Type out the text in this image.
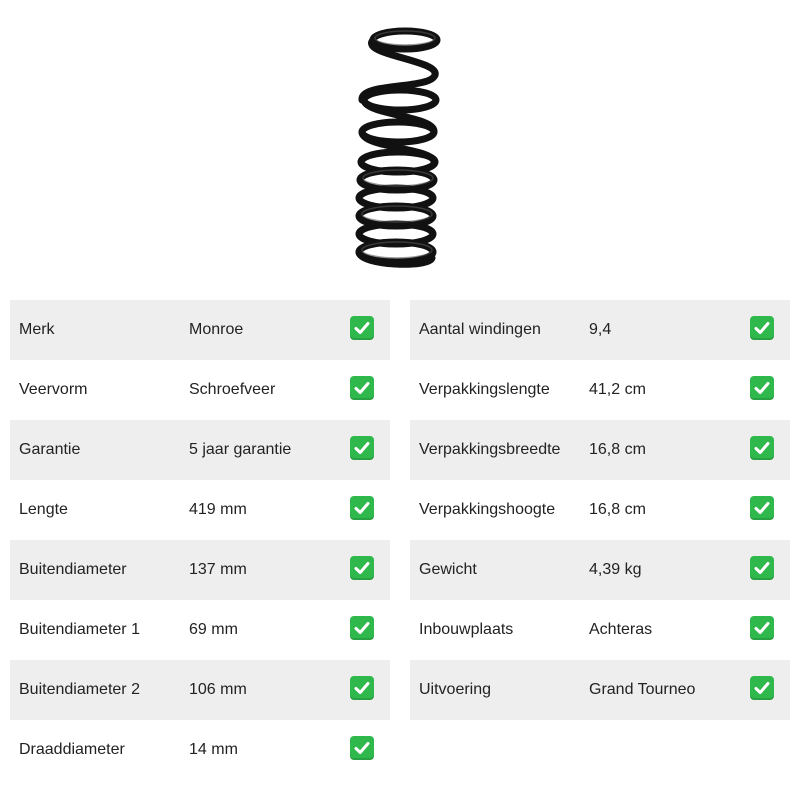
Merk	Monroe
Veervorm	Schroefveer
Garantie	5 jaar garantie
Lengte	419 mm
Buitendiameter	137 mm
Buitendiameter 1	69 mm
Buitendiameter 2	106 mm
Draaddiameter	14 mm
Aantal windingen	9,4
Verpakkingslengte 41,2 cm
Verpakkingsbreedte 16,8 cm
Verpakkingshoogte 16,8 cm
Gewicht	4,39 kg
Inbouwplaats	Achteras
Uitvoering	Grand Tourneo
